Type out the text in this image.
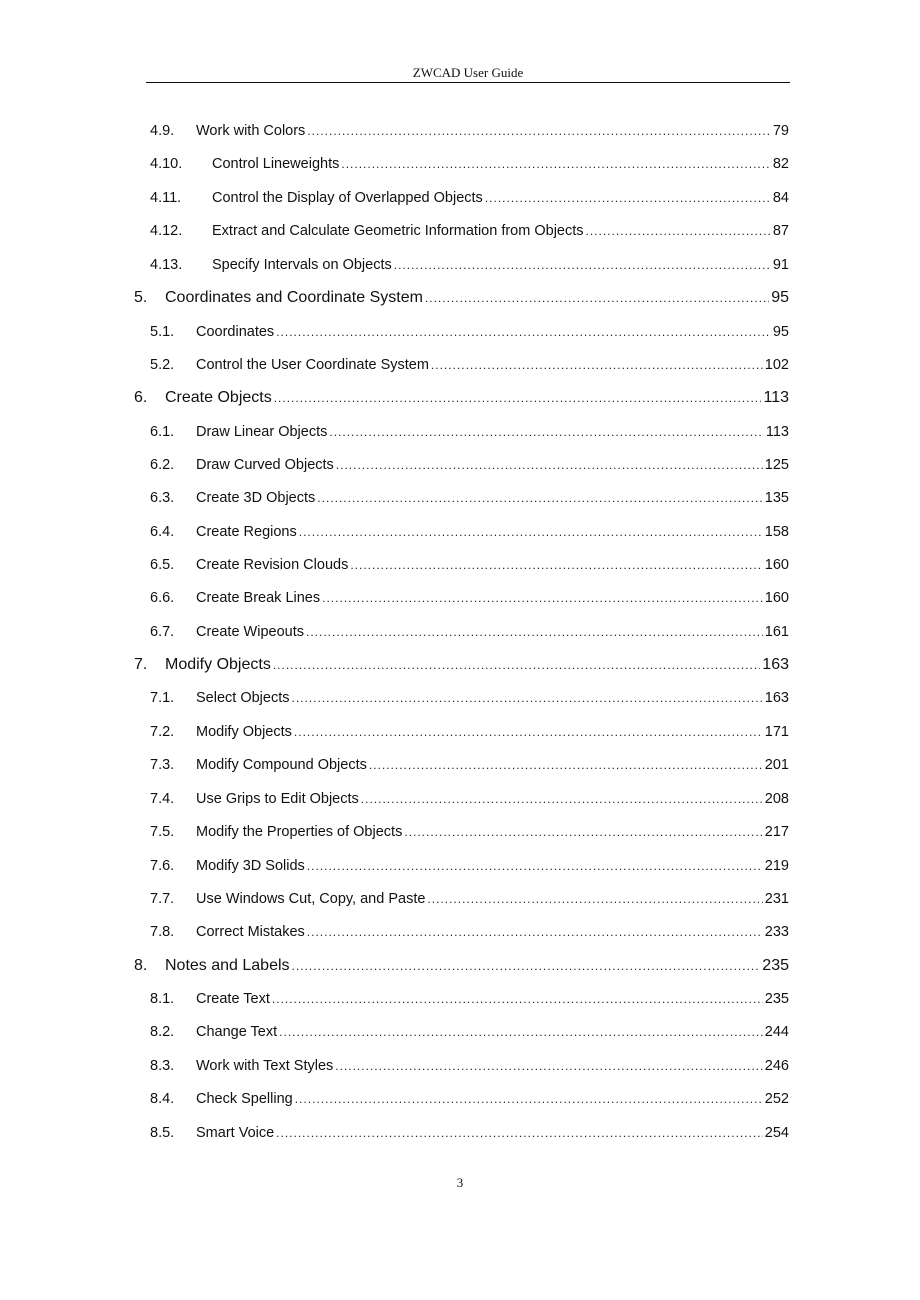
ZWCAD User Guide
4.9.	Work with Colors .....	79
4.10.	Control Lineweights .....	82
4.11.	Control the Display of Overlapped Objects .....	84
4.12.	Extract and Calculate Geometric Information from Objects .....	87
4.13.	Specify Intervals on Objects .....	91
5.	Coordinates and Coordinate System .....	95
5.1.	Coordinates .....	95
5.2.	Control the User Coordinate System .....	102
6.	Create Objects .....	113
6.1.	Draw Linear Objects .....	113
6.2.	Draw Curved Objects .....	125
6.3.	Create 3D Objects .....	135
6.4.	Create Regions .....	158
6.5.	Create Revision Clouds .....	160
6.6.	Create Break Lines .....	160
6.7.	Create Wipeouts .....	161
7.	Modify Objects .....	163
7.1.	Select Objects .....	163
7.2.	Modify Objects .....	171
7.3.	Modify Compound Objects .....	201
7.4.	Use Grips to Edit Objects .....	208
7.5.	Modify the Properties of Objects .....	217
7.6.	Modify 3D Solids .....	219
7.7.	Use Windows Cut, Copy, and Paste .....	231
7.8.	Correct Mistakes .....	233
8.	Notes and Labels .....	235
8.1.	Create Text .....	235
8.2.	Change Text .....	244
8.3.	Work with Text Styles .....	246
8.4.	Check Spelling .....	252
8.5.	Smart Voice .....	254
3
